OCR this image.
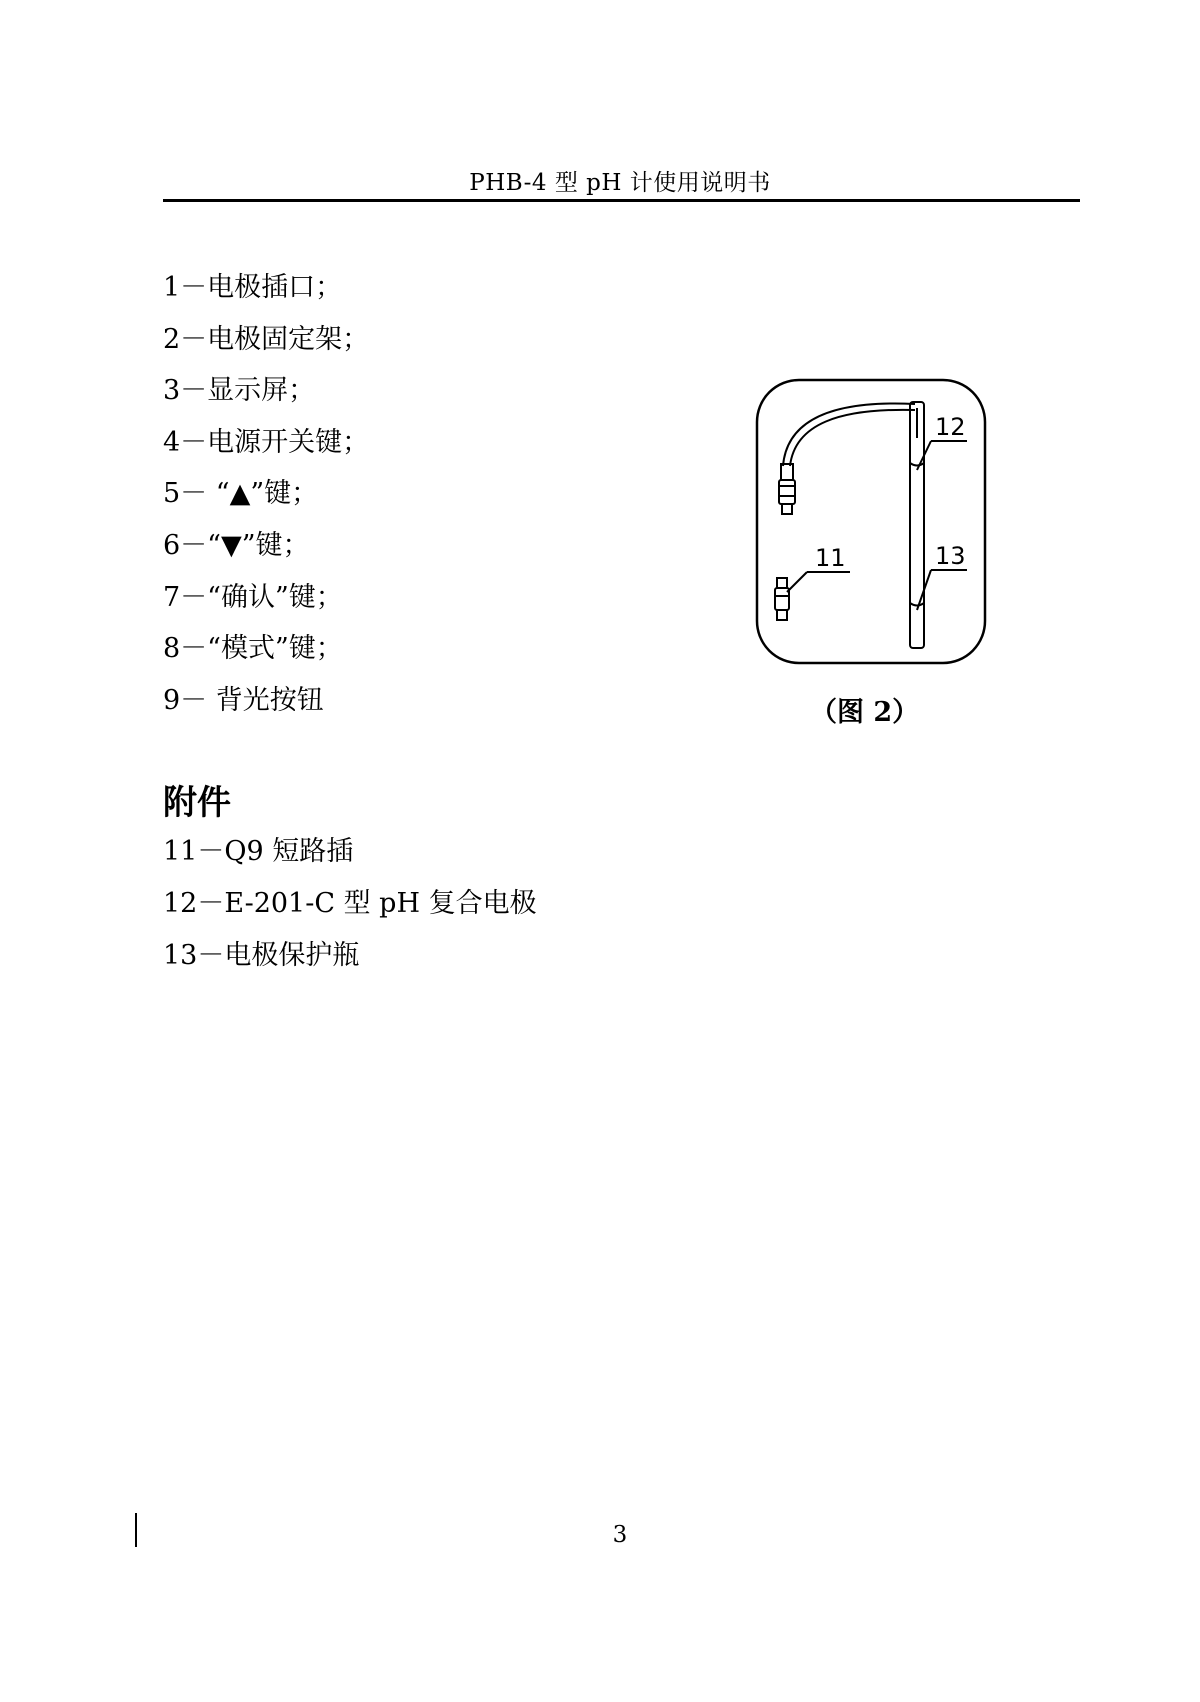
PHB-4 型 pH 计使用说明书
1－电极插口；
2－电极固定架；
3－显示屏；
4－电源开关键；
5－ “▲”键；
6－“▼”键；
7－“确认”键；
8－“模式”键；
9－ 背光按钮
12
13
11
（图 2）
附件
11－Q9 短路插
12－E-201-C 型 pH 复合电极
13－电极保护瓶
3
